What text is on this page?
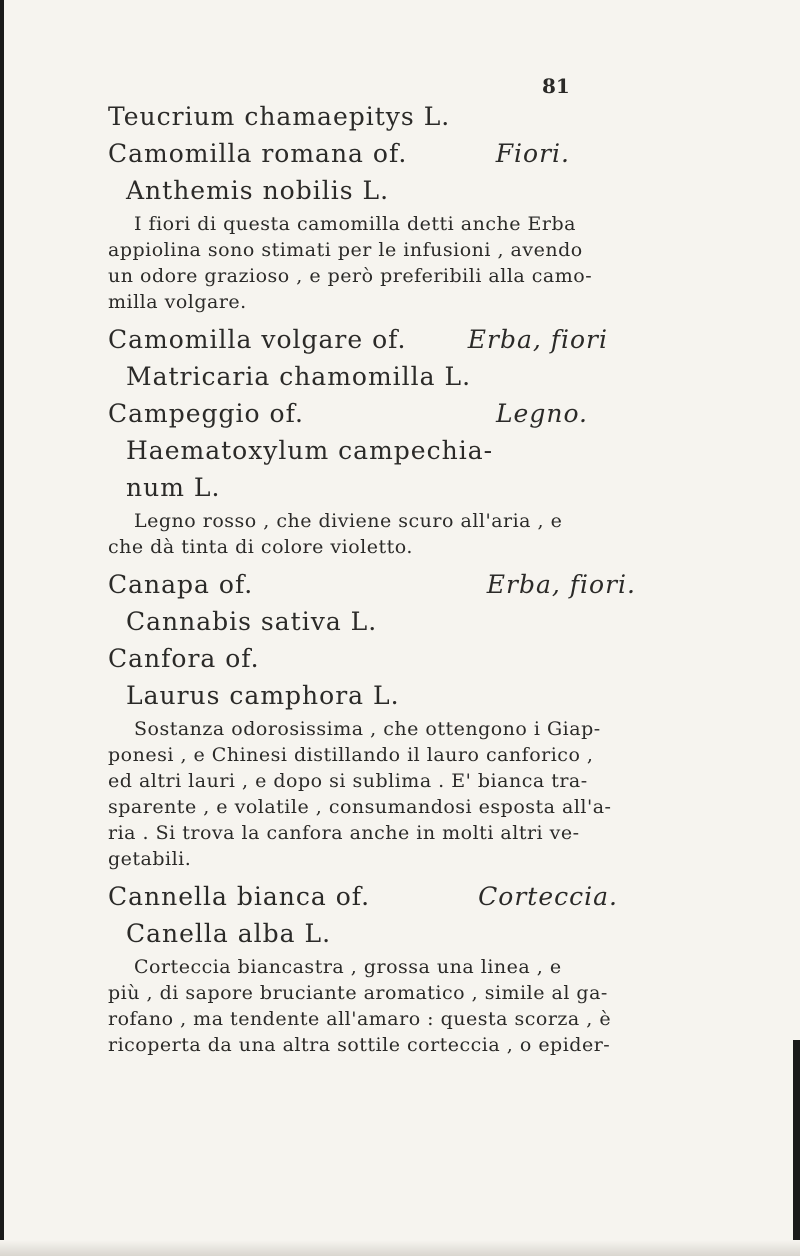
81
Teucrium chamaepitys L.
Camomilla romana of.	Fiori.
Anthemis nobilis L.
I fiori di questa camomilla detti anche Erba
appiolina sono stimati per le infusioni , avendo
un odore grazioso , e però preferibili alla camo-
milla volgare.
Camomilla volgare of. Erba, fiori
Matricaria chamomilla L.
Campeggio of.	Legno.
Haematoxylum campechia-
num L.
Legno rosso , che diviene scuro all'aria , e
che dà tinta di colore violetto.
Canapa of.	Erba, fiori.
Cannabis sativa L.
Canfora of.
Laurus camphora L.
Sostanza odorosissima , che ottengono i Giap-
ponesi , e Chinesi distillando il lauro canforico ,
ed altri lauri , e dopo si sublima . E' bianca tra-
sparente , e volatile , consumandosi esposta all'a-
ria . Si trova la canfora anche in molti altri ve-
getabili.
Cannella bianca of.	Corteccia.
Canella alba L.
Corteccia biancastra , grossa una linea , e
più , di sapore bruciante aromatico , simile al ga-
rofano , ma tendente all'amaro : questa scorza , è
ricoperta da una altra sottile corteccia , o epider-
